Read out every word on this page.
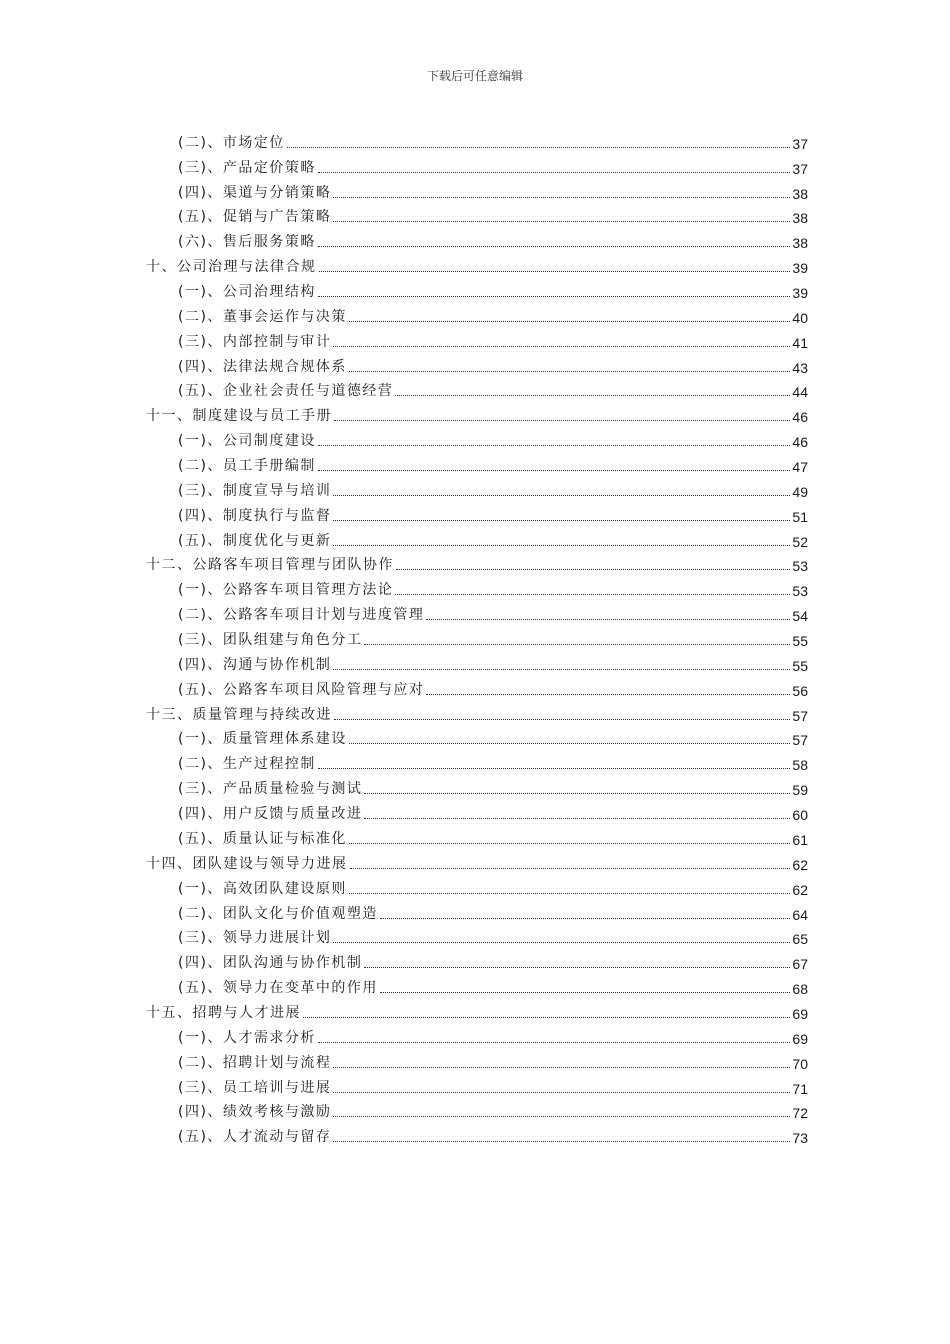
下载后可任意编辑
(二)、市场定位	37
(三)、产品定价策略	37
(四)、渠道与分销策略	38
(五)、促销与广告策略	38
(六)、售后服务策略	38
十、公司治理与法律合规	39
(一)、公司治理结构	39
(二)、董事会运作与决策	40
(三)、内部控制与审计	41
(四)、法律法规合规体系	43
(五)、企业社会责任与道德经营	44
十一、制度建设与员工手册	46
(一)、公司制度建设	46
(二)、员工手册编制	47
(三)、制度宣导与培训	49
(四)、制度执行与监督	51
(五)、制度优化与更新	52
十二、公路客车项目管理与团队协作	53
(一)、公路客车项目管理方法论	53
(二)、公路客车项目计划与进度管理	54
(三)、团队组建与角色分工	55
(四)、沟通与协作机制	55
(五)、公路客车项目风险管理与应对	56
十三、质量管理与持续改进	57
(一)、质量管理体系建设	57
(二)、生产过程控制	58
(三)、产品质量检验与测试	59
(四)、用户反馈与质量改进	60
(五)、质量认证与标准化	61
十四、团队建设与领导力进展	62
(一)、高效团队建设原则	62
(二)、团队文化与价值观塑造	64
(三)、领导力进展计划	65
(四)、团队沟通与协作机制	67
(五)、领导力在变革中的作用	68
十五、招聘与人才进展	69
(一)、人才需求分析	69
(二)、招聘计划与流程	70
(三)、员工培训与进展	71
(四)、绩效考核与激励	72
(五)、人才流动与留存	73
